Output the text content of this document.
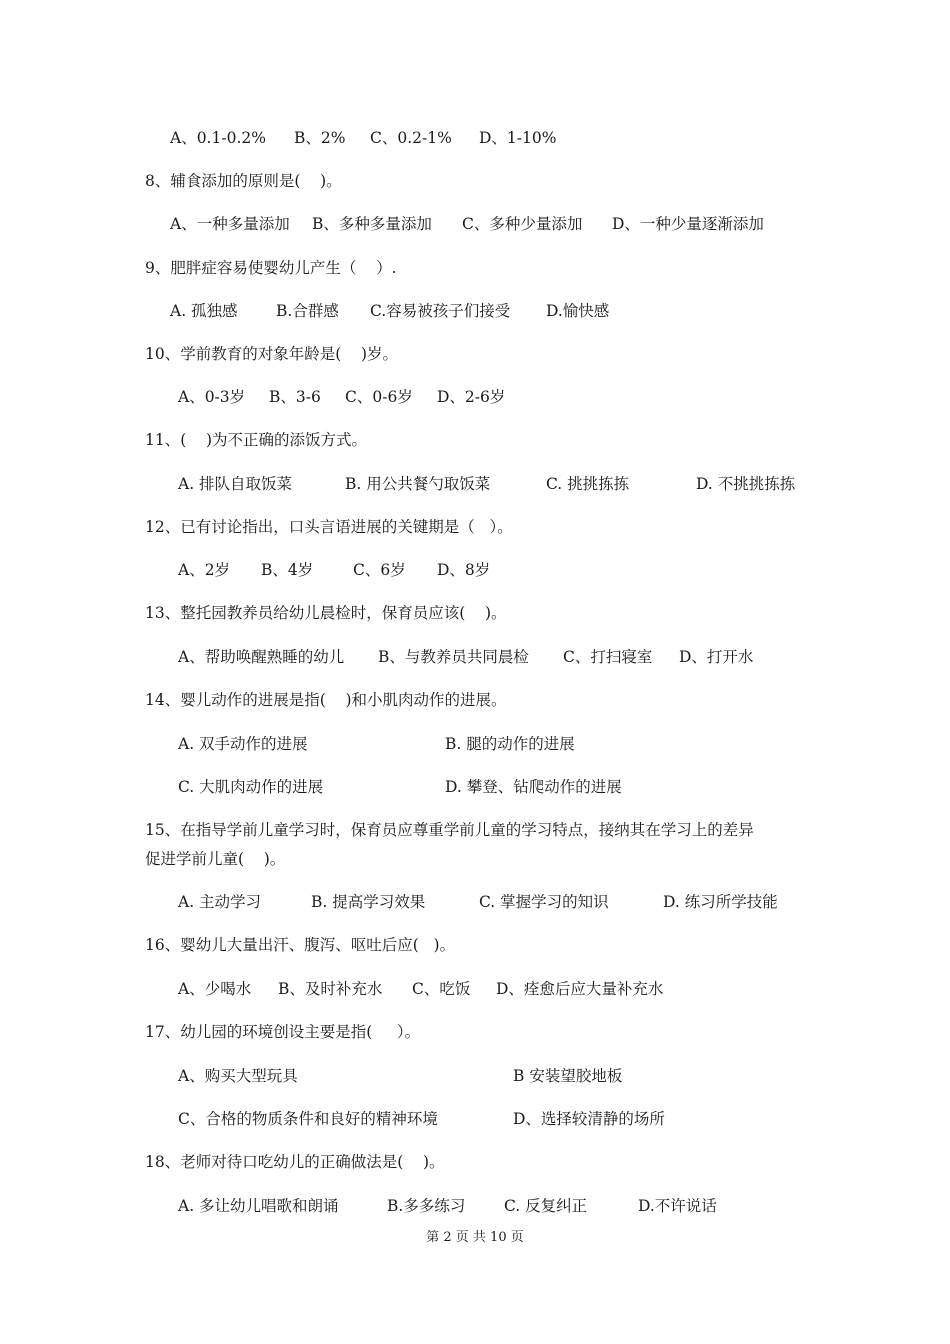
A、0.1-0.2% B、2% C、0.2-1% D、1-10%
8、辅食添加的原则是(    )。
A、一种多量添加 B、多种多量添加 C、多种少量添加 D、一种少量逐渐添加
9、肥胖症容易使婴幼儿产生（    ）.
A. 孤独感 B.合群感 C.容易被孩子们接受 D.愉快感
10、学前教育的对象年龄是(    )岁。
A、0-3岁 B、3-6 C、0-6岁 D、2-6岁
11、(    )为不正确的添饭方式。
A. 排队自取饭菜	B. 用公共餐勺取饭菜	C. 挑挑拣拣	D. 不挑挑拣拣
12、已有讨论指出，口头言语进展的关键期是（   ）。
A、2岁 B、4岁	C、6岁 D、8岁
13、整托园教养员给幼儿晨检时，保育员应该(    )。
A、帮助唤醒熟睡的幼儿 B、与教养员共同晨检 C、打扫寝室 D、打开水
14、婴儿动作的进展是指(    )和小肌肉动作的进展。
A. 双手动作的进展	B. 腿的动作的进展
C. 大肌肉动作的进展	D. 攀登、钻爬动作的进展
15、在指导学前儿童学习时，保育员应尊重学前儿童的学习特点，接纳其在学习上的差异
促进学前儿童(    )。
A. 主动学习	B. 提高学习效果	C. 掌握学习的知识	D. 练习所学技能
16、婴幼儿大量出汗、腹泻、呕吐后应(   )。
A、少喝水 B、及时补充水 C、吃饭 D、痊愈后应大量补充水
17、幼儿园的环境创设主要是指(     ）。
A、购买大型玩具	B 安装望胶地板
C、合格的物质条件和良好的精神环境	D、选择较清静的场所
18、老师对待口吃幼儿的正确做法是(    )。
A. 多让幼儿唱歌和朗诵	B.多多练习 C. 反复纠正	D.不许说话
第 2 页 共 10 页
